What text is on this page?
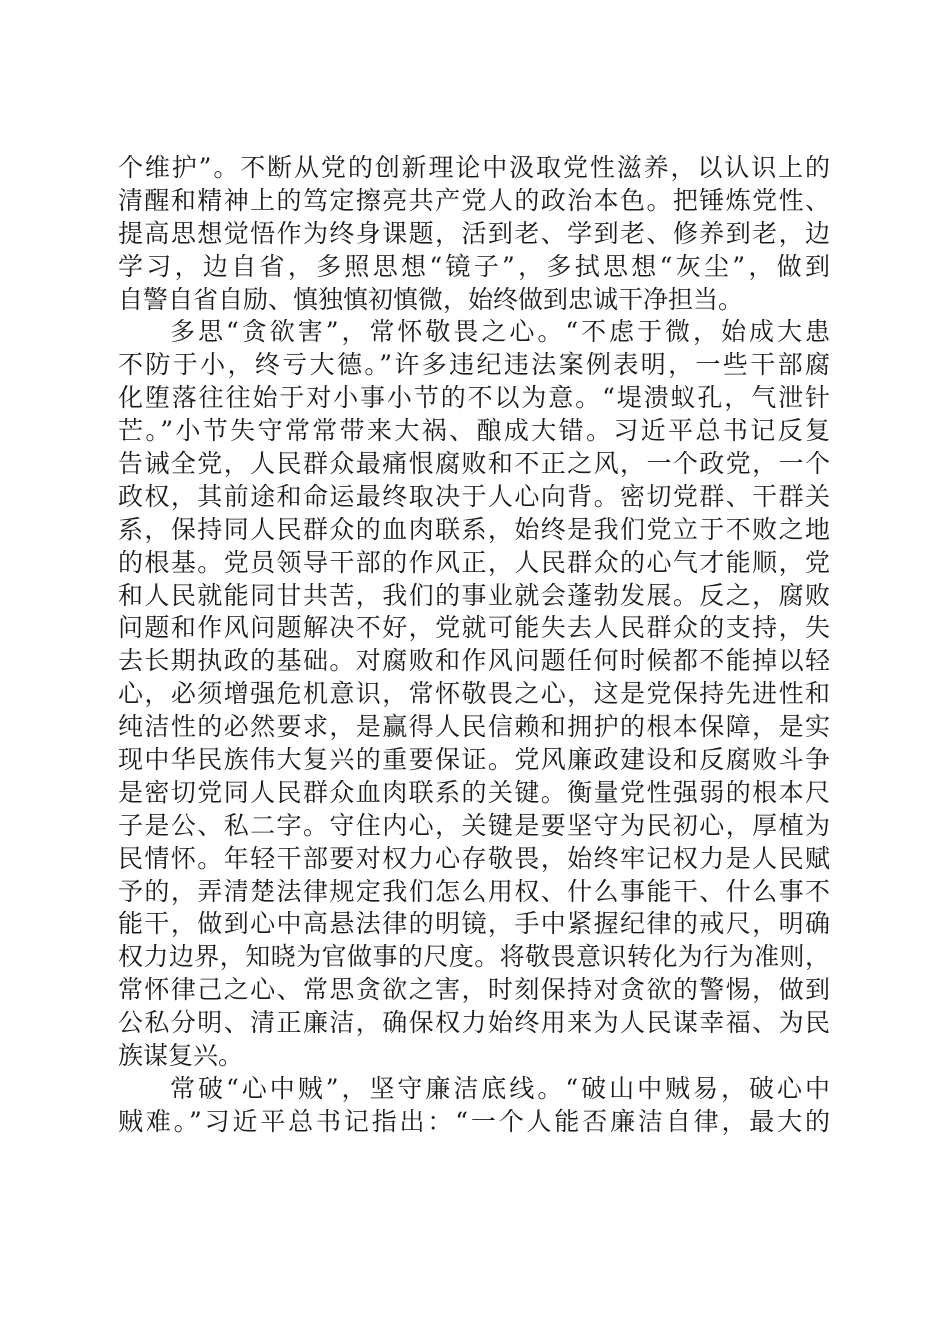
个维护”。不断从党的创新理论中汲取党性滋养，以认识上的
清醒和精神上的笃定擦亮共产党人的政治本色。把锤炼党性、
提高思想觉悟作为终身课题，活到老、学到老、修养到老，边
学习，边自省，多照思想“镜子”，多拭思想“灰尘”，做到
自警自省自励、慎独慎初慎微，始终做到忠诚干净担当。
多思“贪欲害”，常怀敬畏之心。“不虑于微，始成大患
不防于小，终亏大德。”许多违纪违法案例表明，一些干部腐
化堕落往往始于对小事小节的不以为意。“堤溃蚁孔，气泄针
芒。”小节失守常常带来大祸、酿成大错。习近平总书记反复
告诫全党，人民群众最痛恨腐败和不正之风，一个政党，一个
政权，其前途和命运最终取决于人心向背。密切党群、干群关
系，保持同人民群众的血肉联系，始终是我们党立于不败之地
的根基。党员领导干部的作风正，人民群众的心气才能顺，党
和人民就能同甘共苦，我们的事业就会蓬勃发展。反之，腐败
问题和作风问题解决不好，党就可能失去人民群众的支持，失
去长期执政的基础。对腐败和作风问题任何时候都不能掉以轻
心，必须增强危机意识，常怀敬畏之心，这是党保持先进性和
纯洁性的必然要求，是赢得人民信赖和拥护的根本保障，是实
现中华民族伟大复兴的重要保证。党风廉政建设和反腐败斗争
是密切党同人民群众血肉联系的关键。衡量党性强弱的根本尺
子是公、私二字。守住内心，关键是要坚守为民初心，厚植为
民情怀。年轻干部要对权力心存敬畏，始终牢记权力是人民赋
予的，弄清楚法律规定我们怎么用权、什么事能干、什么事不
能干，做到心中高悬法律的明镜，手中紧握纪律的戒尺，明确
权力边界，知晓为官做事的尺度。将敬畏意识转化为行为准则，
常怀律己之心、常思贪欲之害，时刻保持对贪欲的警惕，做到
公私分明、清正廉洁，确保权力始终用来为人民谋幸福、为民
族谋复兴。
常破“心中贼”，坚守廉洁底线。“破山中贼易，破心中
贼难。”习近平总书记指出：“一个人能否廉洁自律，最大的
